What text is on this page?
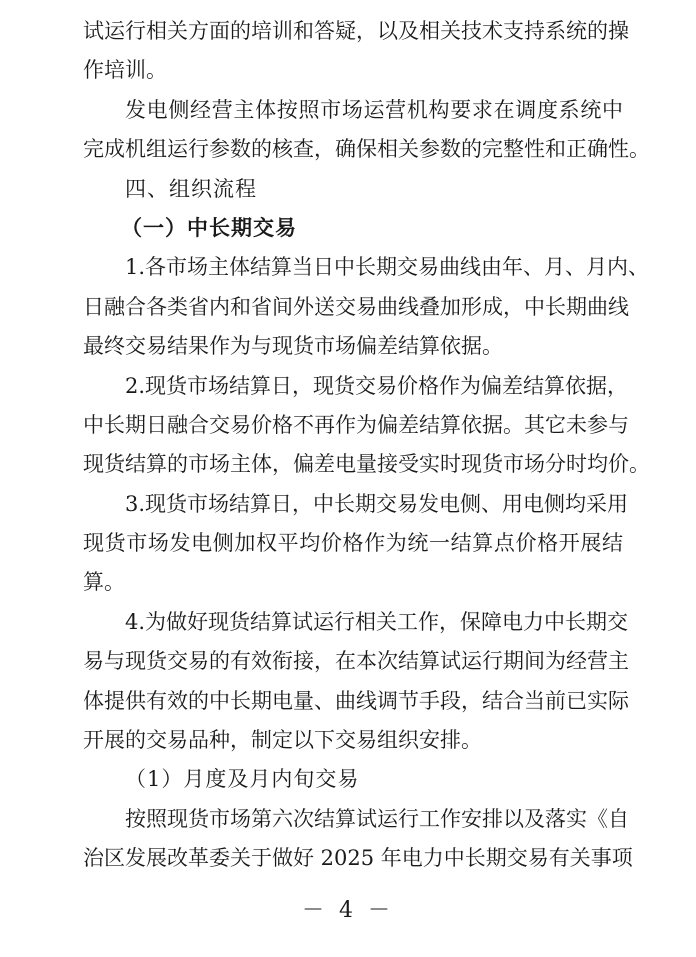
试运行相关方面的培训和答疑，以及相关技术支持系统的操
作培训。
发电侧经营主体按照市场运营机构要求在调度系统中
完成机组运行参数的核查，确保相关参数的完整性和正确性。
四、组织流程
（一）中长期交易
1.各市场主体结算当日中长期交易曲线由年、月、月内、
日融合各类省内和省间外送交易曲线叠加形成，中长期曲线
最终交易结果作为与现货市场偏差结算依据。
2.现货市场结算日，现货交易价格作为偏差结算依据，
中长期日融合交易价格不再作为偏差结算依据。其它未参与
现货结算的市场主体，偏差电量接受实时现货市场分时均价。
3.现货市场结算日，中长期交易发电侧、用电侧均采用
现货市场发电侧加权平均价格作为统一结算点价格开展结
算。
4.为做好现货结算试运行相关工作，保障电力中长期交
易与现货交易的有效衔接，在本次结算试运行期间为经营主
体提供有效的中长期电量、曲线调节手段，结合当前已实际
开展的交易品种，制定以下交易组织安排。
（1）月度及月内旬交易
按照现货市场第六次结算试运行工作安排以及落实《自
治区发展改革委关于做好 2025 年电力中长期交易有关事项
－ 4 －
